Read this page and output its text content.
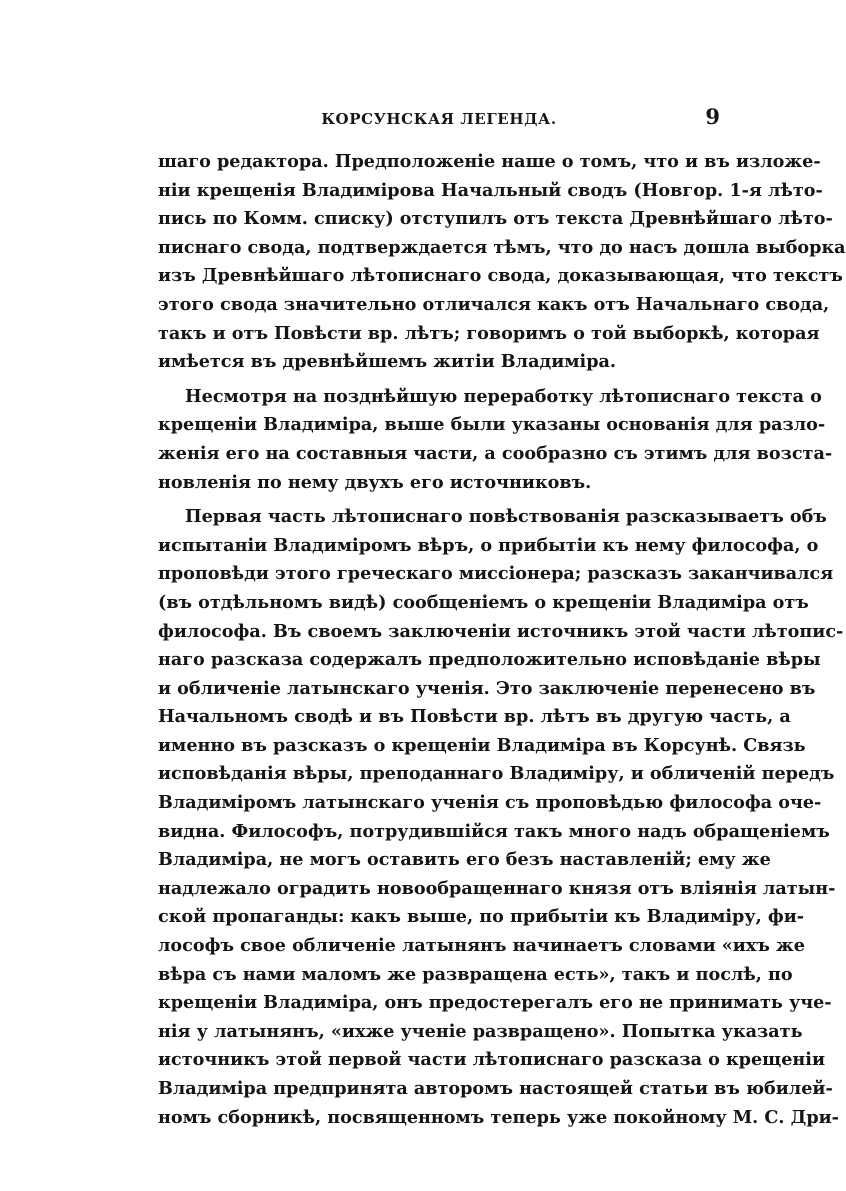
КОРСУНСКАЯ ЛЕГЕНДА.	9
шаго редактора. Предположеніе наше о томъ, что и въ изложе-
ніи крещенія Владимірова Начальный сводъ (Новгор. 1-я лѣто-
пись по Комм. списку) отступилъ отъ текста Древнѣйшаго лѣто-
писнаго свода, подтверждается тѣмъ, что до насъ дошла выборка
изъ Древнѣйшаго лѣтописнаго свода, доказывающая, что текстъ
этого свода значительно отличался какъ отъ Начальнаго свода,
такъ и отъ Повѣсти вр. лѣтъ; говоримъ о той выборкѣ, которая
имѣется въ древнѣйшемъ житіи Владиміра.
Несмотря на позднѣйшую переработку лѣтописнаго текста о
крещеніи Владиміра, выше были указаны основанія для разло-
женія его на составныя части, а сообразно съ этимъ для возста-
новленія по нему двухъ его источниковъ.
Первая часть лѣтописнаго повѣствованія разсказываетъ объ
испытаніи Владиміромъ вѣръ, о прибытіи къ нему философа, о
проповѣди этого греческаго миссіонера; разсказъ заканчивался
(въ отдѣльномъ видѣ) сообщеніемъ о крещеніи Владиміра отъ
философа. Въ своемъ заключеніи источникъ этой части лѣтопис-
наго разсказа содержалъ предположительно исповѣданіе вѣры
и обличеніе латынскаго ученія. Это заключеніе перенесено въ
Начальномъ сводѣ и въ Повѣсти вр. лѣтъ въ другую часть, а
именно въ разсказъ о крещеніи Владиміра въ Корсунѣ. Связь
исповѣданія вѣры, преподаннаго Владиміру, и обличеній передъ
Владиміромъ латынскаго ученія съ проповѣдью философа оче-
видна. Философъ, потрудившійся такъ много надъ обращеніемъ
Владиміра, не могъ оставить его безъ наставленій; ему же
надлежало оградить новообращеннаго князя отъ вліянія латын-
ской пропаганды: какъ выше, по прибытіи къ Владиміру, фи-
лософъ свое обличеніе латынянъ начинаетъ словами «ихъ же
вѣра съ нами маломъ же развращена есть», такъ и послѣ, по
крещеніи Владиміра, онъ предостерегалъ его не принимать уче-
нія у латынянъ, «ихже ученіе развращено». Попытка указать
источникъ этой первой части лѣтописнаго разсказа о крещеніи
Владиміра предпринята авторомъ настоящей статьи въ юбилей-
номъ сборникѣ, посвященномъ теперь уже покойному М. С. Дри-
